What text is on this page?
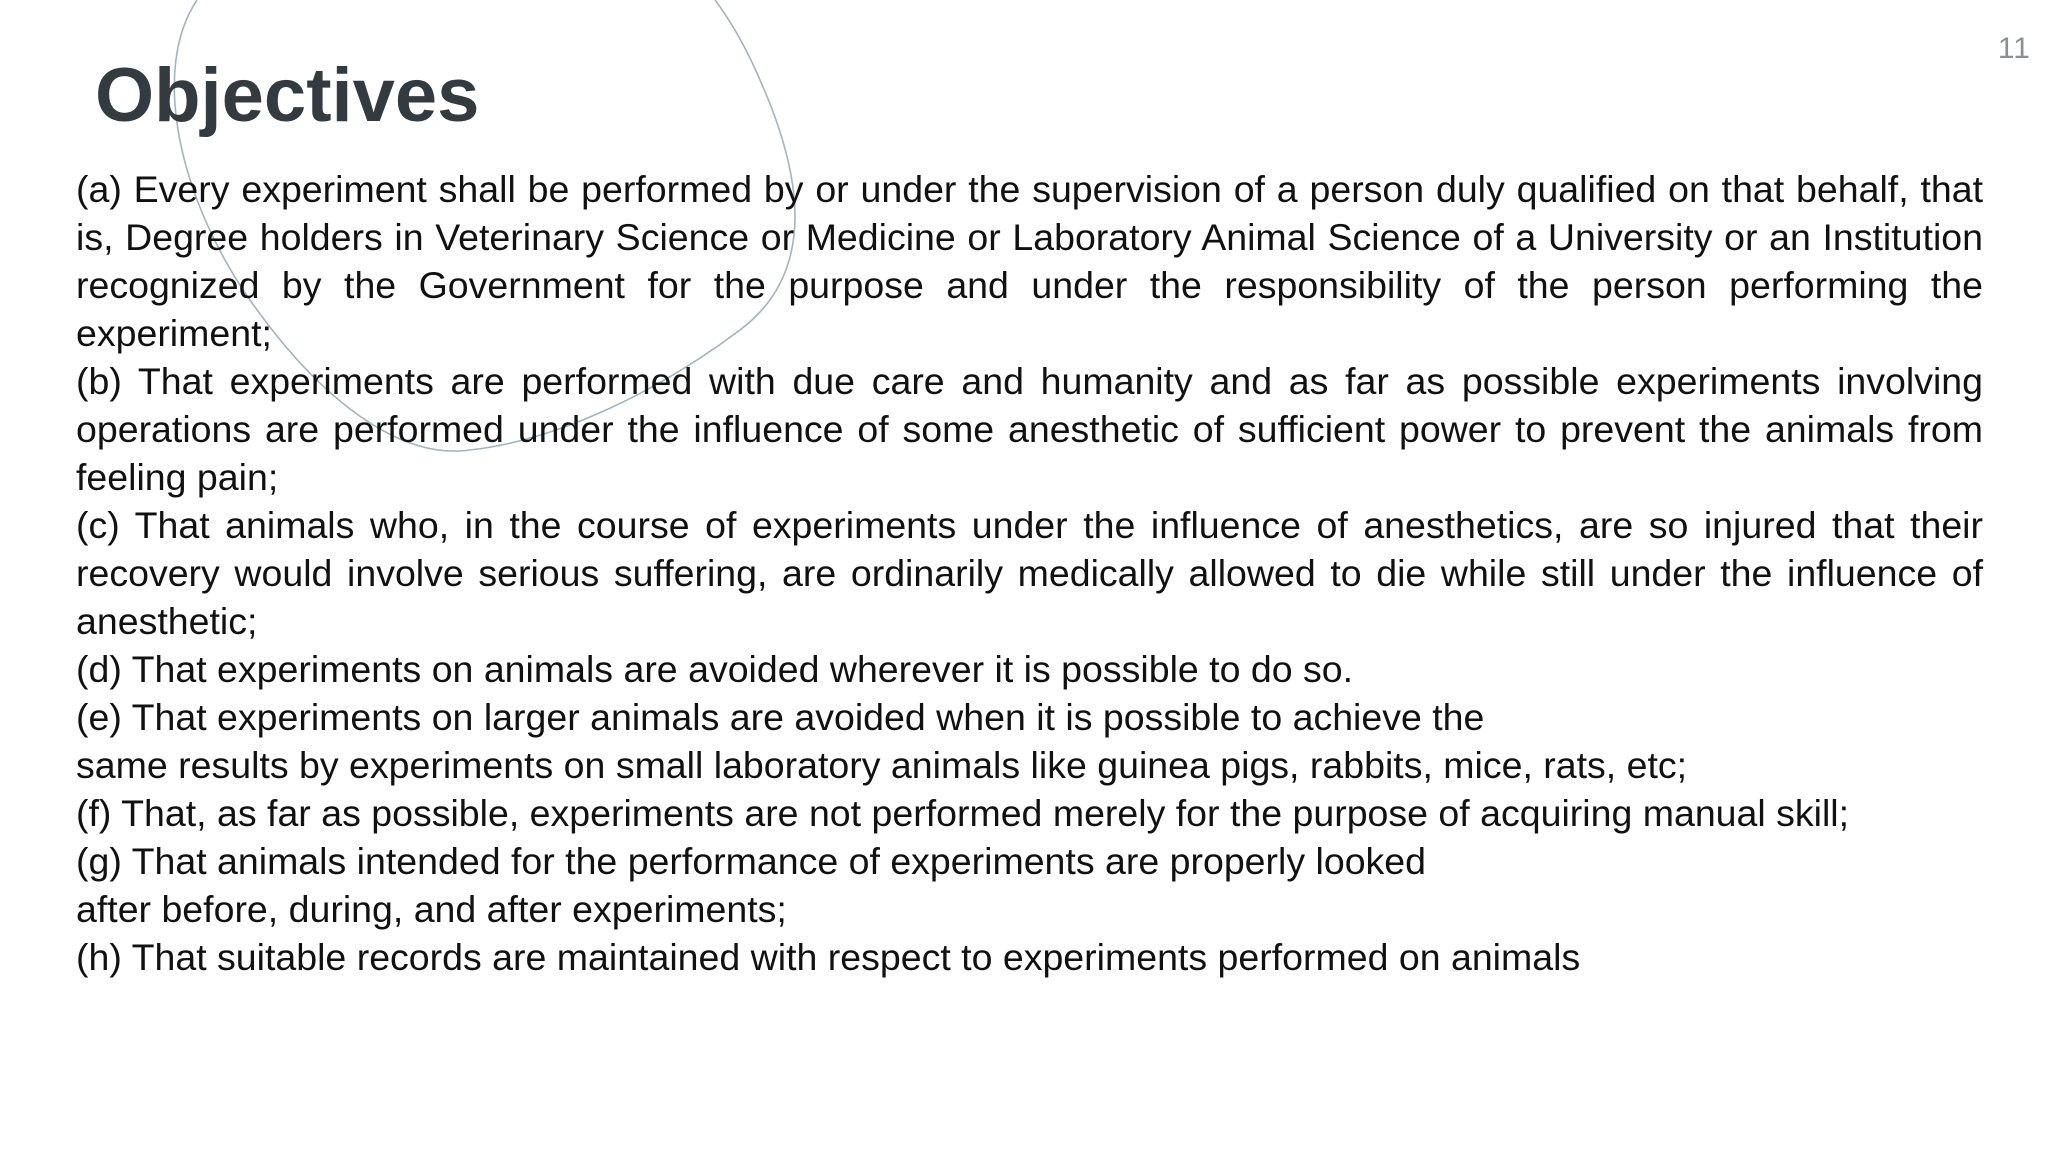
11
Objectives

(a) Every experiment shall be performed by or under the supervision of a person duly qualified on that behalf, that is, Degree holders in Veterinary Science or Medicine or Laboratory Animal Science of a University or an Institution recognized by the Government for the purpose and under the responsibility of the person performing the experiment;

(b) That experiments are performed with due care and humanity and as far as possible experiments involving operations are performed under the influence of some anesthetic of sufficient power to prevent the animals from feeling pain;

(c) That animals who, in the course of experiments under the influence of anesthetics, are so injured that their recovery would involve serious suffering, are ordinarily medically allowed to die while still under the influence of anesthetic;

(d) That experiments on animals are avoided wherever it is possible to do so.

(e) That experiments on larger animals are avoided when it is possible to achieve the

same results by experiments on small laboratory animals like guinea pigs, rabbits, mice, rats, etc;

(f) That, as far as possible, experiments are not performed merely for the purpose of acquiring manual skill;

(g) That animals intended for the performance of experiments are properly looked

after before, during, and after experiments;

(h) That suitable records are maintained with respect to experiments performed on animals
